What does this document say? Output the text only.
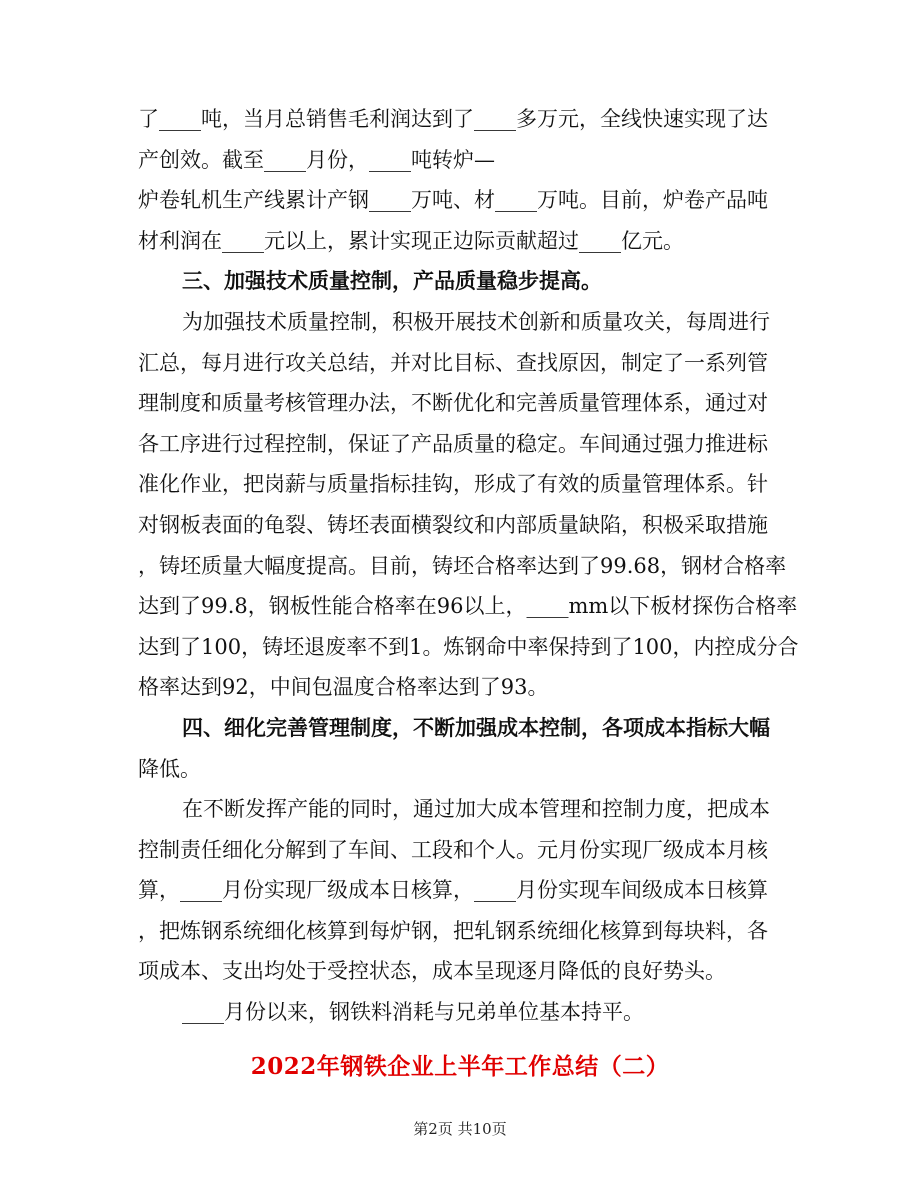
了____吨，当月总销售毛利润达到了____多万元，全线快速实现了达
产创效。截至____月份，____吨转炉—
炉卷轧机生产线累计产钢____万吨、材____万吨。目前，炉卷产品吨
材利润在____元以上，累计实现正边际贡献超过____亿元。
三、加强技术质量控制，产品质量稳步提高。
为加强技术质量控制，积极开展技术创新和质量攻关，每周进行
汇总，每月进行攻关总结，并对比目标、查找原因，制定了一系列管
理制度和质量考核管理办法，不断优化和完善质量管理体系，通过对
各工序进行过程控制，保证了产品质量的稳定。车间通过强力推进标
准化作业，把岗薪与质量指标挂钩，形成了有效的质量管理体系。针
对钢板表面的龟裂、铸坯表面横裂纹和内部质量缺陷，积极采取措施
，铸坯质量大幅度提高。目前，铸坯合格率达到了99.68，钢材合格率
达到了99.8，钢板性能合格率在96以上，____mm以下板材探伤合格率
达到了100，铸坯退废率不到1。炼钢命中率保持到了100，内控成分合
格率达到92，中间包温度合格率达到了93。
四、细化完善管理制度，不断加强成本控制，各项成本指标大幅
降低。
在不断发挥产能的同时，通过加大成本管理和控制力度，把成本
控制责任细化分解到了车间、工段和个人。元月份实现厂级成本月核
算，____月份实现厂级成本日核算，____月份实现车间级成本日核算
，把炼钢系统细化核算到每炉钢，把轧钢系统细化核算到每块料，各
项成本、支出均处于受控状态，成本呈现逐月降低的良好势头。
____月份以来，钢铁料消耗与兄弟单位基本持平。
2022年钢铁企业上半年工作总结（二）
第2页 共10页
